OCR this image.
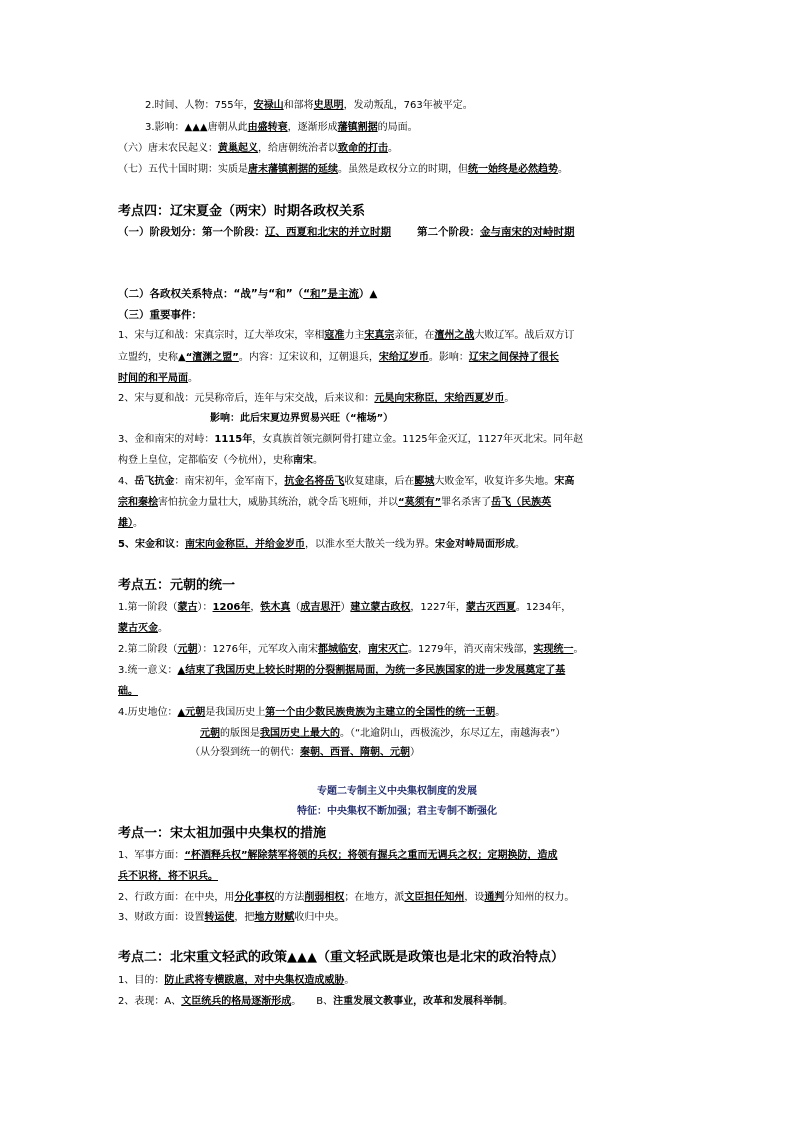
2.时间、人物：755年，安禄山和部将史思明，发动叛乱，763年被平定。
3.影响：▲▲▲唐朝从此由盛转衰，逐渐形成藩镇割据的局面。
（六）唐末农民起义：黄巢起义，给唐朝统治者以致命的打击。
（七）五代十国时期：实质是唐末藩镇割据的延续。虽然是政权分立的时期，但统一始终是必然趋势。
考点四：辽宋夏金（两宋）时期各政权关系
（一）阶段划分：第一个阶段：辽、西夏和北宋的并立时期 第二个阶段：金与南宋的对峙时期
（二）各政权关系特点：“战”与“和”（“和”是主流）▲
（三）重要事件：
1、宋与辽和战：宋真宗时，辽大举攻宋，宰相寇准力主宋真宗亲征，在澶州之战大败辽军。战后双方订
立盟约，史称▲“澶渊之盟”。内容：辽宋议和，辽朝退兵，宋给辽岁币。影响：辽宋之间保持了很长
时间的和平局面。
2、宋与夏和战：元昊称帝后，连年与宋交战，后来议和：元昊向宋称臣，宋给西夏岁币。
影响：此后宋夏边界贸易兴旺（“榷场”）
3、金和南宋的对峙：1115年，女真族首领完颜阿骨打建立金。1125年金灭辽，1127年灭北宋。同年赵
构登上皇位，定都临安（今杭州），史称南宋。
4、岳飞抗金：南宋初年，金军南下，抗金名将岳飞收复建康，后在郾城大败金军，收复许多失地。宋高
宗和秦桧害怕抗金力量壮大，威胁其统治，就令岳飞班师，并以“莫须有”罪名杀害了岳飞（民族英
雄）。
5、宋金和议：南宋向金称臣，并给金岁币，以淮水至大散关一线为界。宋金对峙局面形成。
考点五：元朝的统一
1.第一阶段（蒙古）：1206年，铁木真（成吉思汗）建立蒙古政权，1227年，蒙古灭西夏。1234年，
蒙古灭金。
2.第二阶段（元朝）：1276年，元军攻入南宋都城临安，南宋灭亡。1279年，消灭南宋残部，实现统一。
3.统一意义：▲结束了我国历史上较长时期的分裂割据局面，为统一多民族国家的进一步发展奠定了基
础。
4.历史地位：▲元朝是我国历史上第一个由少数民族贵族为主建立的全国性的统一王朝。
元朝的版图是我国历史上最大的。（“北逾阴山，西极流沙，东尽辽左，南越海表”）
（从分裂到统一的朝代：秦朝、西晋、隋朝、元朝）
专题二专制主义中央集权制度的发展
特征：中央集权不断加强；君主专制不断强化
考点一：宋太祖加强中央集权的措施
1、军事方面：“杯酒释兵权”解除禁军将领的兵权；将领有握兵之重而无调兵之权；定期换防，造成
兵不识将，将不识兵。
2、行政方面：在中央，用分化事权的方法削弱相权；在地方，派文臣担任知州，设通判分知州的权力。
3、财政方面：设置转运使，把地方财赋收归中央。
考点二：北宋重文轻武的政策▲▲▲（重文轻武既是政策也是北宋的政治特点）
1、目的：防止武将专横跋扈，对中央集权造成威胁。
2、表现：A、文臣统兵的格局逐渐形成。　　B、注重发展文教事业，改革和发展科举制。
